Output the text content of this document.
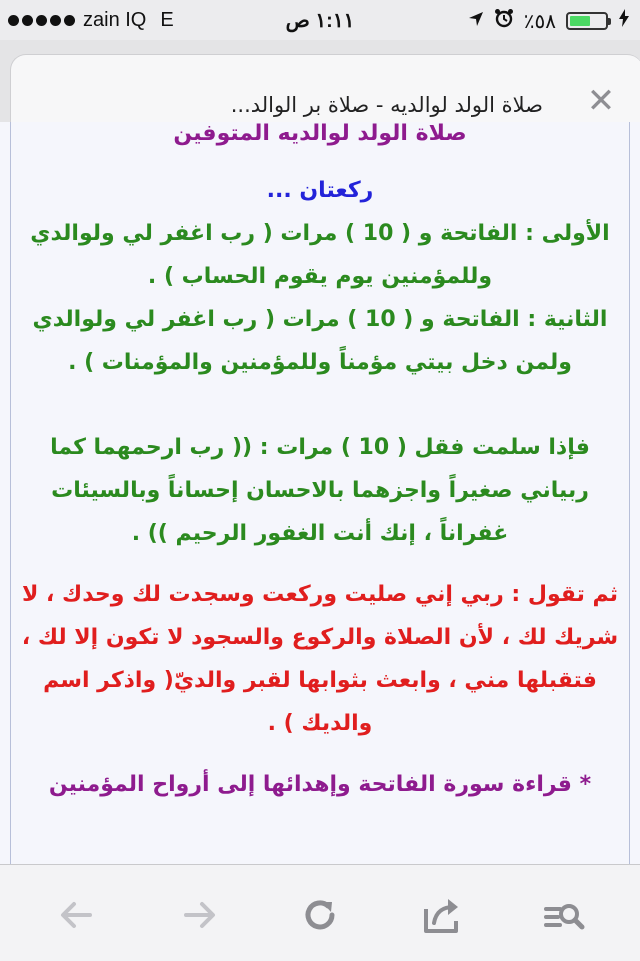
zain IQ E	١:١١ ص	٥٨٪
✕
صلاة الولد لوالديه - صلاة بر الوالد...

صلاة الولد لوالديه المتوفين

ركعتان ...

الأولى : الفاتحة و ( 10 ) مرات ( رب اغفر لي ولوالدي وللمؤمنين يوم يقوم الحساب ) .

الثانية : الفاتحة و ( 10 ) مرات ( رب اغفر لي ولوالدي ولمن دخل بيتي مؤمناً وللمؤمنين والمؤمنات ) .

فإذا سلمت فقل ( 10 ) مرات : (( رب ارحمهما كما ربياني صغيراً واجزهما بالاحسان إحساناً وبالسيئات غفراناً ، إنك أنت الغفور الرحيم )) .

ثم تقول : ربي إني صليت وركعت وسجدت لك وحدك ، لا شريك لك ، لأن الصلاة والركوع والسجود لا تكون إلا لك ، فتقبلها مني ، وابعث بثوابها لقبر والديّ( واذكر اسم والديك ) .

* قراءة سورة الفاتحة وإهدائها إلى أرواح المؤمنين
